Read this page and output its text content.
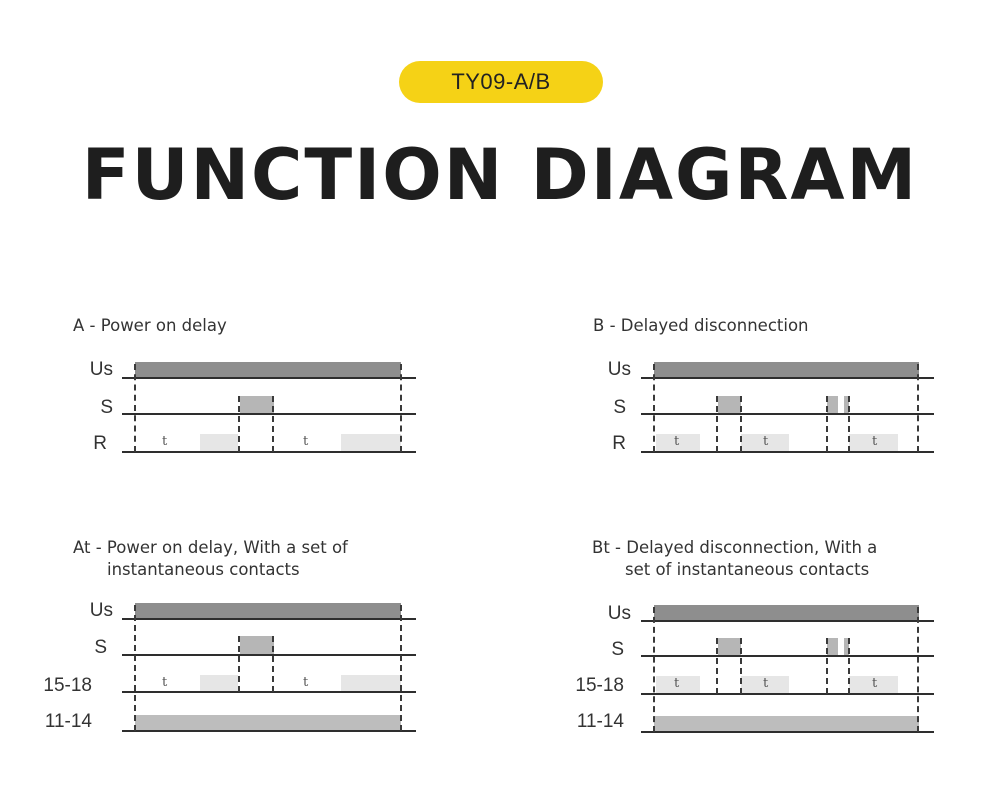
TY09-A/B
FUNCTION DIAGRAM
A - Power on delay
Us
S
R	t	t
B - Delayed disconnection
Us
S
R	t	t	t
At - Power on delay, With a set of
instantaneous contacts
Us
S
15-18
11-14
t	t
Bt - Delayed disconnection, With a
set of instantaneous contacts
Us
S
15-18
11-14
t	t	t
